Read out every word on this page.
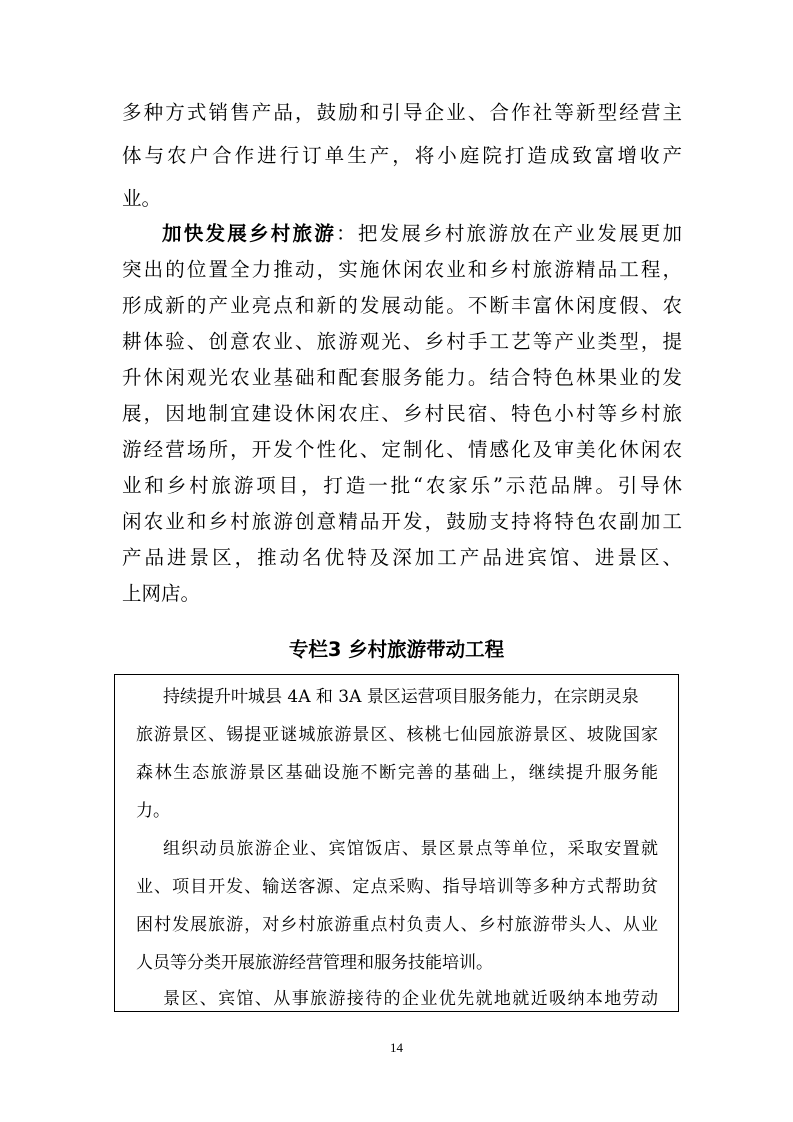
多种方式销售产品，鼓励和引导企业、合作社等新型经营主
体与农户合作进行订单生产，将小庭院打造成致富增收产
业。
加快发展乡村旅游：把发展乡村旅游放在产业发展更加
突出的位置全力推动，实施休闲农业和乡村旅游精品工程，
形成新的产业亮点和新的发展动能。不断丰富休闲度假、农
耕体验、创意农业、旅游观光、乡村手工艺等产业类型，提
升休闲观光农业基础和配套服务能力。结合特色林果业的发
展，因地制宜建设休闲农庄、乡村民宿、特色小村等乡村旅
游经营场所，开发个性化、定制化、情感化及审美化休闲农
业和乡村旅游项目，打造一批“农家乐”示范品牌。引导休
闲农业和乡村旅游创意精品开发，鼓励支持将特色农副加工
产品进景区，推动名优特及深加工产品进宾馆、进景区、
上网店。
专栏3 乡村旅游带动工程
持续提升叶城县 4A 和 3A 景区运营项目服务能力，在宗朗灵泉
旅游景区、锡提亚谜城旅游景区、核桃七仙园旅游景区、坡陇国家
森林生态旅游景区基础设施不断完善的基础上，继续提升服务能
力。
组织动员旅游企业、宾馆饭店、景区景点等单位，采取安置就
业、项目开发、输送客源、定点采购、指导培训等多种方式帮助贫
困村发展旅游，对乡村旅游重点村负责人、乡村旅游带头人、从业
人员等分类开展旅游经营管理和服务技能培训。
景区、宾馆、从事旅游接待的企业优先就地就近吸纳本地劳动
14
